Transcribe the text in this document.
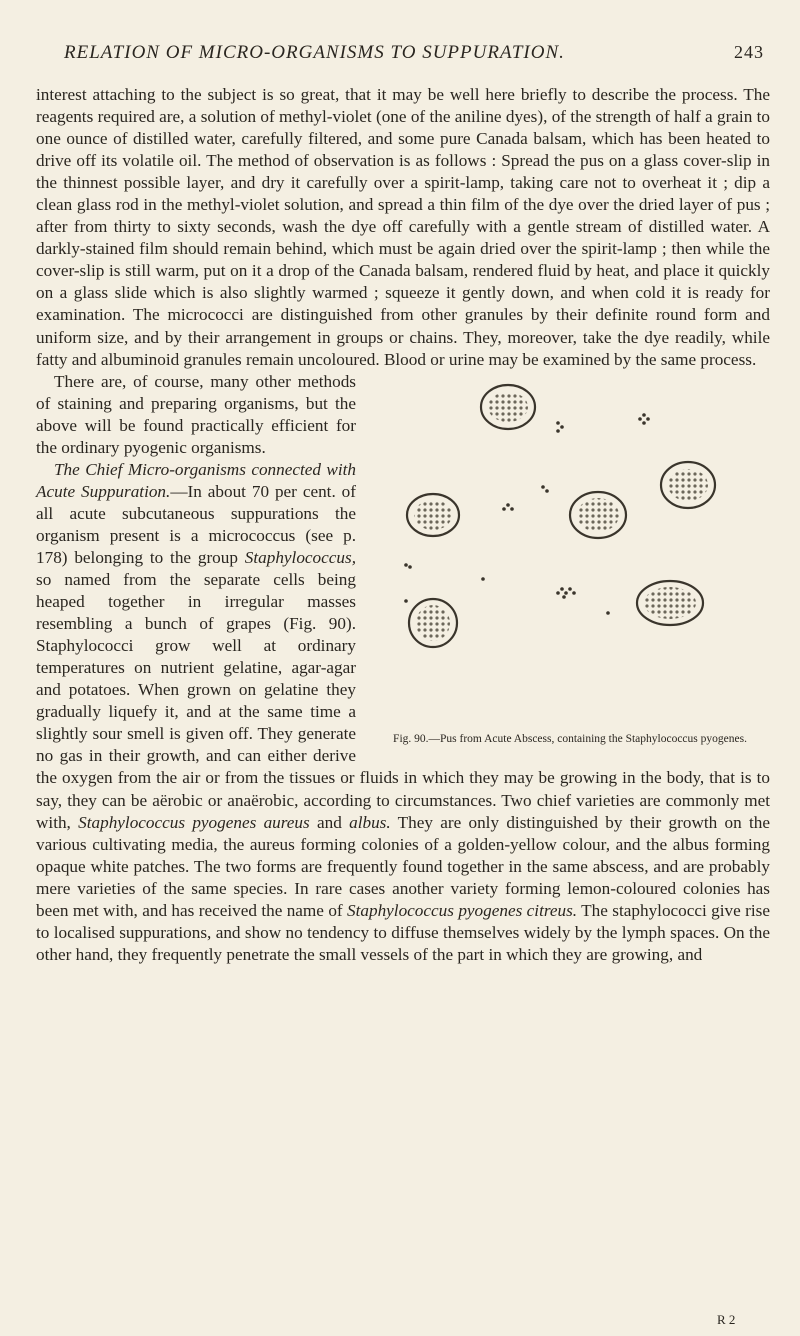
RELATION OF MICRO-ORGANISMS TO SUPPURATION.	243

interest attaching to the subject is so great, that it may be well here briefly to describe the process. The reagents required are, a solution of methyl-violet (one of the aniline dyes), of the strength of half a grain to one ounce of distilled water, carefully filtered, and some pure Canada balsam, which has been heated to drive off its volatile oil. The method of observation is as follows : Spread the pus on a glass cover-slip in the thinnest possible layer, and dry it carefully over a spirit-lamp, taking care not to overheat it ; dip a clean glass rod in the methyl-violet solution, and spread a thin film of the dye over the dried layer of pus ; after from thirty to sixty seconds, wash the dye off carefully with a gentle stream of distilled water. A darkly-stained film should remain behind, which must be again dried over the spirit-lamp ; then while the cover-slip is still warm, put on it a drop of the Canada balsam, rendered fluid by heat, and place it quickly on a glass slide which is also slightly warmed ; squeeze it gently down, and when cold it is ready for examination. The micrococci are distinguished from other granules by their definite round form and uniform size, and by their arrangement in groups or chains. They, moreover, take the dye readily, while fatty and albuminoid granules remain uncoloured. Blood or urine may be examined by the same process.

Fig. 90.—Pus from Acute Abscess, containing the Staphylococcus pyogenes.

There are, of course, many other methods of staining and preparing organisms, but the above will be found practically efficient for the ordinary pyogenic organisms.

The Chief Micro-organisms connected with Acute Suppuration.—In about 70 per cent. of all acute subcutaneous suppurations the organism present is a micrococcus (see p. 178) belonging to the group Staphylococcus, so named from the separate cells being heaped together in irregular masses resembling a bunch of grapes (Fig. 90). Staphylococci grow well at ordinary temperatures on nutrient gelatine, agar-agar and potatoes. When grown on gelatine they gradually liquefy it, and at the same time a slightly sour smell is given off. They generate no gas in their growth, and can either derive the oxygen from the air or from the tissues or fluids in which they may be growing in the body, that is to say, they can be aërobic or anaërobic, according to circumstances. Two chief varieties are commonly met with, Staphylococcus pyogenes aureus and albus. They are only distinguished by their growth on the various cultivating media, the aureus forming colonies of a golden-yellow colour, and the albus forming opaque white patches. The two forms are frequently found together in the same abscess, and are probably mere varieties of the same species. In rare cases another variety forming lemon-coloured colonies has been met with, and has received the name of Staphylococcus pyogenes citreus. The staphylococci give rise to localised suppurations, and show no tendency to diffuse themselves widely by the lymph spaces. On the other hand, they frequently penetrate the small vessels of the part in which they are growing, and

R 2
